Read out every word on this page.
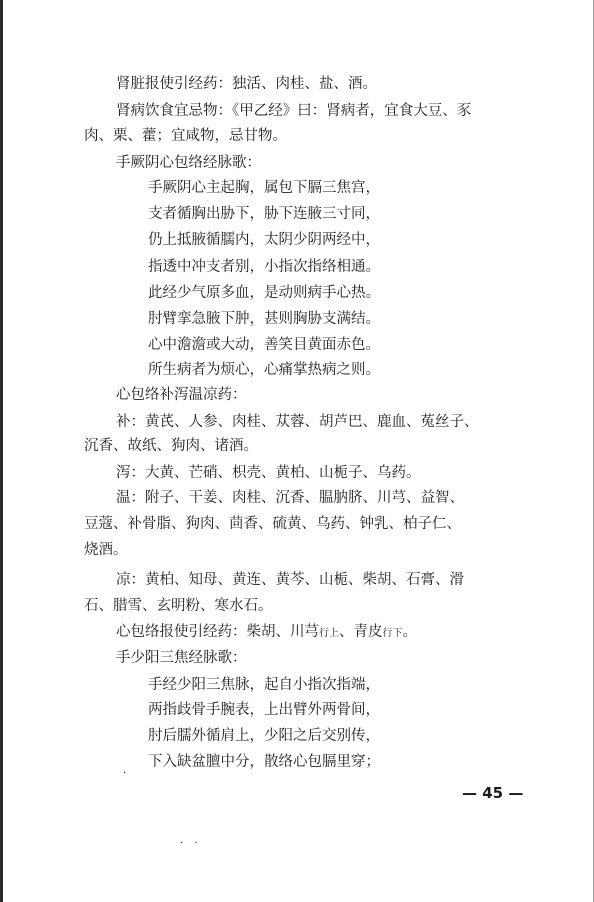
肾脏报使引经药：独活、肉桂、盐、酒。
肾病饮食宜忌物：《甲乙经》曰：肾病者，宜食大豆、豕
肉、栗、藿；宜咸物，忌甘物。
手厥阴心包络经脉歌：
手厥阴心主起胸，属包下膈三焦宫，
支者循胸出胁下，胁下连腋三寸同，
仍上抵腋循臑内，太阴少阴两经中，
指透中冲支者别，小指次指络相通。
此经少气原多血，是动则病手心热。
肘臂挛急腋下肿，甚则胸胁支满结。
心中澹澹或大动，善笑目黄面赤色。
所生病者为烦心，心痛掌热病之则。
心包络补泻温凉药：
补：黄芪、人参、肉桂、苁蓉、胡芦巴、鹿血、菟丝子、
沉香、故纸、狗肉、诸酒。
泻：大黄、芒硝、枳壳、黄柏、山栀子、乌药。
温：附子、干姜、肉桂、沉香、腽肭脐、川芎、益智、
豆蔻、补骨脂、狗肉、茴香、硫黄、乌药、钟乳、柏子仁、
烧酒。
凉：黄柏、知母、黄连、黄芩、山栀、柴胡、石膏、滑
石、腊雪、玄明粉、寒水石。
心包络报使引经药：柴胡、川芎行上、青皮行下。
手少阳三焦经脉歌：
手经少阳三焦脉，起自小指次指端，
两指歧骨手腕表，上出臂外两骨间，
肘后臑外循肩上，少阳之后交别传，
下入缺盆膻中分，散络心包膈里穿；
·
— 45 —
· ·
